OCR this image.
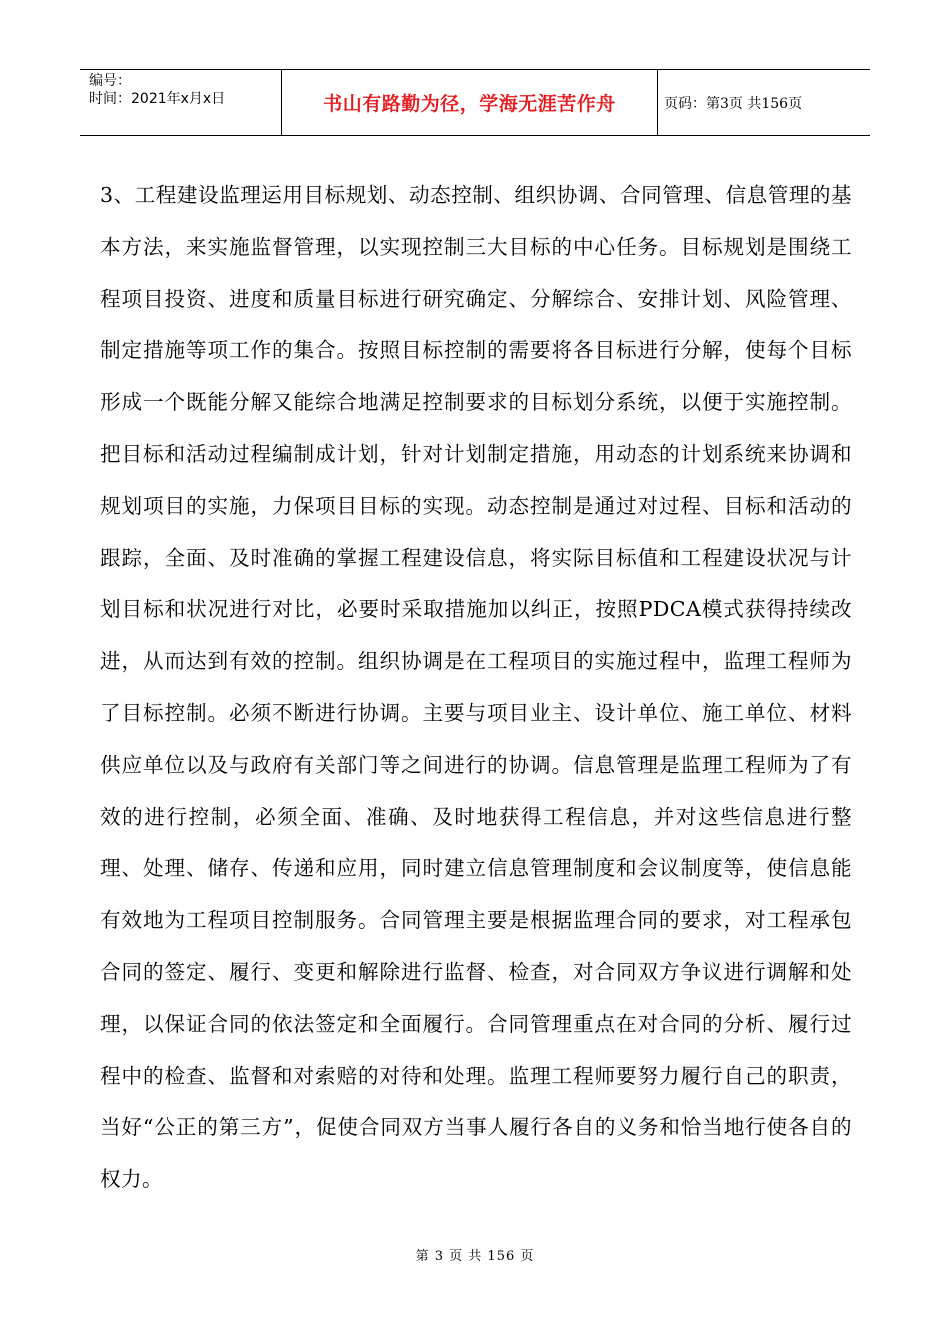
编号：
时间：2021年x月x日	书山有路勤为径，学海无涯苦作舟	页码：第3页 共156页

3、工程建设监理运用目标规划、动态控制、组织协调、合同管理、信息管理的基本方法，来实施监督管理，以实现控制三大目标的中心任务。目标规划是围绕工程项目投资、进度和质量目标进行研究确定、分解综合、安排计划、风险管理、制定措施等项工作的集合。按照目标控制的需要将各目标进行分解，使每个目标形成一个既能分解又能综合地满足控制要求的目标划分系统，以便于实施控制。把目标和活动过程编制成计划，针对计划制定措施，用动态的计划系统来协调和规划项目的实施，力保项目目标的实现。动态控制是通过对过程、目标和活动的跟踪，全面、及时准确的掌握工程建设信息，将实际目标值和工程建设状况与计划目标和状况进行对比，必要时采取措施加以纠正，按照PDCA模式获得持续改进，从而达到有效的控制。组织协调是在工程项目的实施过程中，监理工程师为了目标控制。必须不断进行协调。主要与项目业主、设计单位、施工单位、材料供应单位以及与政府有关部门等之间进行的协调。信息管理是监理工程师为了有效的进行控制，必须全面、准确、及时地获得工程信息，并对这些信息进行整理、处理、储存、传递和应用，同时建立信息管理制度和会议制度等，使信息能有效地为工程项目控制服务。合同管理主要是根据监理合同的要求，对工程承包合同的签定、履行、变更和解除进行监督、检查，对合同双方争议进行调解和处理，以保证合同的依法签定和全面履行。合同管理重点在对合同的分析、履行过程中的检查、监督和对索赔的对待和处理。监理工程师要努力履行自己的职责，当好“公正的第三方”，促使合同双方当事人履行各自的义务和恰当地行使各自的权力。

第 3 页 共 156 页
